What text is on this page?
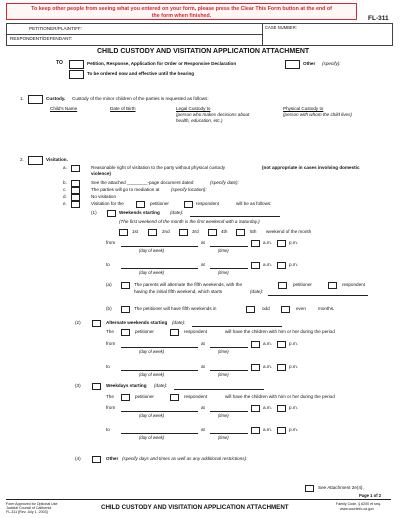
To keep other people from seeing what you entered on your form, please press the Clear This Form button at the end of
the form when finished.	FL-311
PETITIONER/PLAINTIFF:
RESPONDENT/DEFENDANT:
CASE NUMBER:
CHILD CUSTODY AND VISITATION APPLICATION ATTACHMENT
TO	Petition, Response, Application for Order or Responsive Declaration	Other (specify):
To be ordered now and effective until the hearing
1.	Custody. Custody of the minor children of the parties is requested as follows:
Child's Name	Date of Birth	Legal Custody to
(person who makes decisions about
health, education, etc.)
Physical Custody to
(person with whom the child lives)
2.	Visitation.
a.	Reasonable right of visitation to the party without physical custody	(not appropriate in cases involving domestic
violence)
b.	See the attached ________-page document dated	(specify date):
c.	The parties will go to mediation at	(specify location):
d.	No visitation
e.	Visitation for the	petitioner	respondent	will be as follows:
(1)	Weekends starting (date):
(The first weekend of the month is the first weekend with a Saturday.)
1st	2nd	3rd	4th	5th weekend of the month
from	at	a.m.	p.m.
(day of week)	(time)
to	at	a.m.	p.m.
(day of week)	(time)
(a)	The parents will alternate the fifth weekends, with the	petitioner	respondent
having the initial fifth weekend, which starts	(date):
(b)	The petitioner will have fifth weekends in	odd	even	months.
(2)	Alternate weekends starting (date):
The	petitioner	respondent	will have the children with him or her during the period
from	at	a.m.	p.m.
(day of week)	(time)
to	at	a.m.	p.m.
(day of week)	(time)
(3)	Weekdays starting (date):
The	petitioner	respondent	will have the children with him or her during the period
from	at	a.m.	p.m.
(day of week)	(time)
to	at	a.m.	p.m.
(day of week)	(time)
(4)	Other (specify days and times as well as any additional restrictions):
See Attachment 2e(4).
Page 1 of 2
Form Approved for Optional Use
Judicial Council of California
FL-311 [Rev. July 1, 2003]
CHILD CUSTODY AND VISITATION APPLICATION ATTACHMENT	Family Code, § 6200 et seq.
www.courtinfo.ca.gov
